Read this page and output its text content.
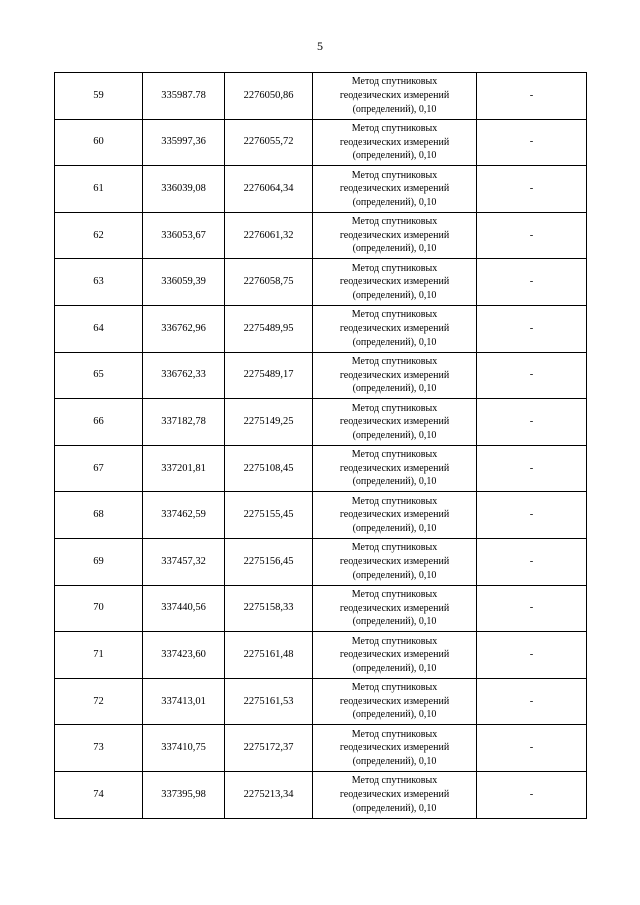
5
59	335987.78	2276050,86	Метод спутниковых
геодезических измерений
(определений), 0,10	-
60	335997,36	2276055,72	Метод спутниковых
геодезических измерений
(определений), 0,10	-
61	336039,08	2276064,34	Метод спутниковых
геодезических измерений
(определений), 0,10	-
62	336053,67	2276061,32	Метод спутниковых
геодезических измерений
(определений), 0,10	-
63	336059,39	2276058,75	Метод спутниковых
геодезических измерений
(определений), 0,10	-
64	336762,96	2275489,95	Метод спутниковых
геодезических измерений
(определений), 0,10	-
65	336762,33	2275489,17	Метод спутниковых
геодезических измерений
(определений), 0,10	-
66	337182,78	2275149,25	Метод спутниковых
геодезических измерений
(определений), 0,10	-
67	337201,81	2275108,45	Метод спутниковых
геодезических измерений
(определений), 0,10	-
68	337462,59	2275155,45	Метод спутниковых
геодезических измерений
(определений), 0,10	-
69	337457,32	2275156,45	Метод спутниковых
геодезических измерений
(определений), 0,10	-
70	337440,56	2275158,33	Метод спутниковых
геодезических измерений
(определений), 0,10	-
71	337423,60	2275161,48	Метод спутниковых
геодезических измерений
(определений), 0,10	-
72	337413,01	2275161,53	Метод спутниковых
геодезических измерений
(определений), 0,10	-
73	337410,75	2275172,37	Метод спутниковых
геодезических измерений
(определений), 0,10	-
74	337395,98	2275213,34	Метод спутниковых
геодезических измерений
(определений), 0,10	-
